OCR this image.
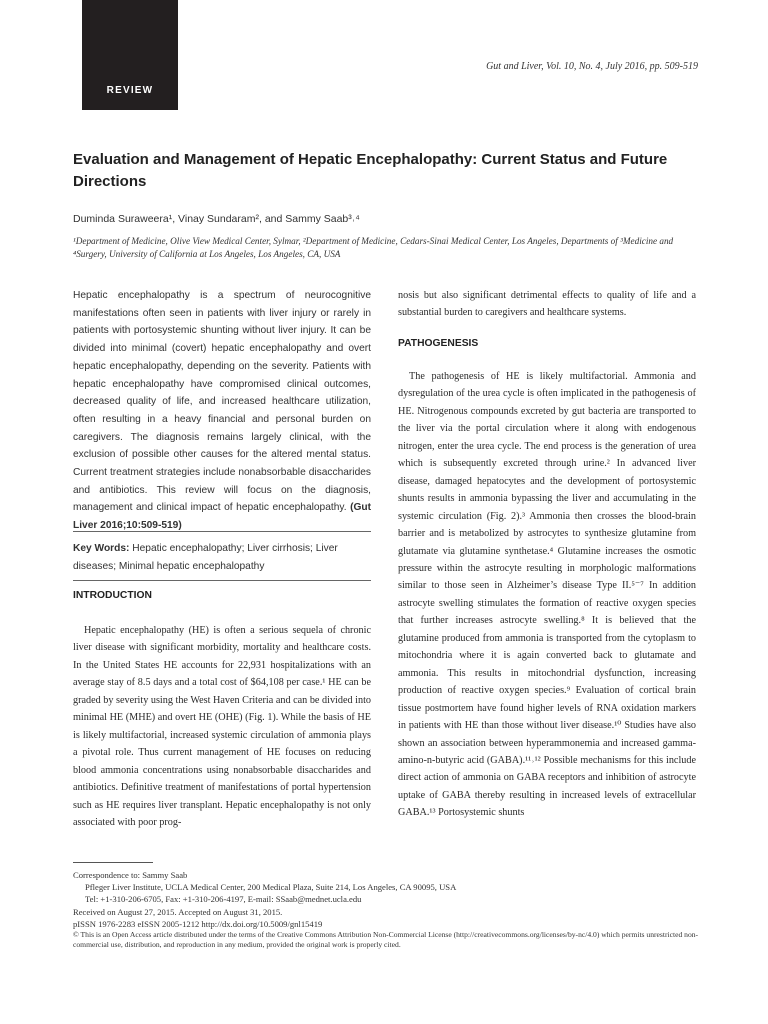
REVIEW
Gut and Liver, Vol. 10, No. 4, July 2016, pp. 509-519
Evaluation and Management of Hepatic Encephalopathy: Current Status and Future Directions
Duminda Suraweera¹, Vinay Sundaram², and Sammy Saab³˒⁴
¹Department of Medicine, Olive View Medical Center, Sylmar, ²Department of Medicine, Cedars-Sinai Medical Center, Los Angeles, Departments of ³Medicine and ⁴Surgery, University of California at Los Angeles, Los Angeles, CA, USA
Hepatic encephalopathy is a spectrum of neurocognitive manifestations often seen in patients with liver injury or rarely in patients with portosystemic shunting without liver injury. It can be divided into minimal (covert) hepatic encephalopathy and overt hepatic encephalopathy, depending on the severity. Patients with hepatic encephalopathy have compromised clinical outcomes, decreased quality of life, and increased healthcare utilization, often resulting in a heavy financial and personal burden on caregivers. The diagnosis remains largely clinical, with the exclusion of possible other causes for the altered mental status. Current treatment strategies include nonabsorbable disaccharides and antibiotics. This review will focus on the diagnosis, management and clinical impact of hepatic encephalopathy. (Gut Liver 2016;10:509-519)
Key Words: Hepatic encephalopathy; Liver cirrhosis; Liver diseases; Minimal hepatic encephalopathy
INTRODUCTION

Hepatic encephalopathy (HE) is often a serious sequela of chronic liver disease with significant morbidity, mortality and healthcare costs. In the United States HE accounts for 22,931 hospitalizations with an average stay of 8.5 days and a total cost of $64,108 per case.¹ HE can be graded by severity using the West Haven Criteria and can be divided into minimal HE (MHE) and overt HE (OHE) (Fig. 1). While the basis of HE is likely multifactorial, increased systemic circulation of ammonia plays a pivotal role. Thus current management of HE focuses on reducing blood ammonia concentrations using nonabsorbable disaccharides and antibiotics. Definitive treatment of manifestations of portal hypertension such as HE requires liver transplant. Hepatic encephalopathy is not only associated with poor prog-

nosis but also significant detrimental effects to quality of life and a substantial burden to caregivers and healthcare systems.

PATHOGENESIS

The pathogenesis of HE is likely multifactorial. Ammonia and dysregulation of the urea cycle is often implicated in the pathogenesis of HE. Nitrogenous compounds excreted by gut bacteria are transported to the liver via the portal circulation where it along with endogenous nitrogen, enter the urea cycle. The end process is the generation of urea which is subsequently excreted through urine.² In advanced liver disease, damaged hepatocytes and the development of portosystemic shunts results in ammonia bypassing the liver and accumulating in the systemic circulation (Fig. 2).³ Ammonia then crosses the blood-brain barrier and is metabolized by astrocytes to synthesize glutamine from glutamate via glutamine synthetase.⁴ Glutamine increases the osmotic pressure within the astrocyte resulting in morphologic malformations similar to those seen in Alzheimer’s disease Type II.⁵⁻⁷ In addition astrocyte swelling stimulates the formation of reactive oxygen species that further increases astrocyte swelling.⁸ It is believed that the glutamine produced from ammonia is transported from the cytoplasm to mitochondria where it is again converted back to glutamate and ammonia. This results in mitochondrial dysfunction, increasing production of reactive oxygen species.⁹ Evaluation of cortical brain tissue postmortem have found higher levels of RNA oxidation markers in patients with HE than those without liver disease.¹⁰ Studies have also shown an association between hyperammonemia and increased gamma-amino-n-butyric acid (GABA).¹¹˒¹² Possible mechanisms for this include direct action of ammonia on GABA receptors and inhibition of astrocyte uptake of GABA thereby resulting in increased levels of extracellular GABA.¹³ Portosystemic shunts

Correspondence to: Sammy Saab
Pfleger Liver Institute, UCLA Medical Center, 200 Medical Plaza, Suite 214, Los Angeles, CA 90095, USA
Tel: +1-310-206-6705, Fax: +1-310-206-4197, E-mail: SSaab@mednet.ucla.edu
Received on August 27, 2015. Accepted on August 31, 2015.
pISSN 1976-2283 eISSN 2005-1212 http://dx.doi.org/10.5009/gnl15419
© This is an Open Access article distributed under the terms of the Creative Commons Attribution Non-Commercial License (http://creativecommons.org/licenses/by-nc/4.0) which permits unrestricted non-commercial use, distribution, and reproduction in any medium, provided the original work is properly cited.
